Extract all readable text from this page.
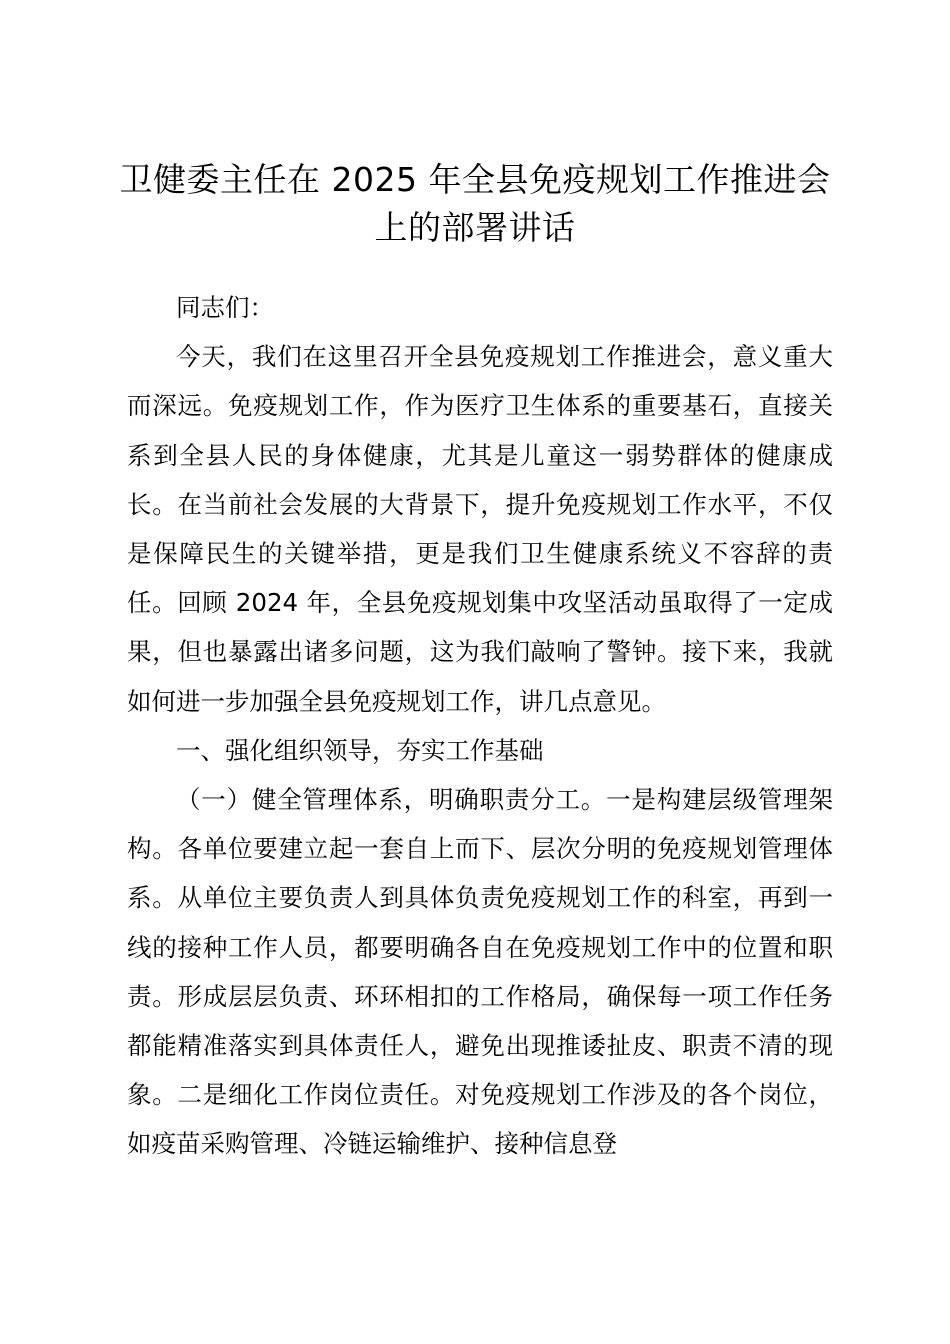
卫健委主任在 2025 年全县免疫规划工作推进会上的部署讲话

同志们：

今天，我们在这里召开全县免疫规划工作推进会，意义重大而深远。免疫规划工作，作为医疗卫生体系的重要基石，直接关系到全县人民的身体健康，尤其是儿童这一弱势群体的健康成长。在当前社会发展的大背景下，提升免疫规划工作水平，不仅是保障民生的关键举措，更是我们卫生健康系统义不容辞的责任。回顾 2024 年，全县免疫规划集中攻坚活动虽取得了一定成果，但也暴露出诸多问题，这为我们敲响了警钟。接下来，我就如何进一步加强全县免疫规划工作，讲几点意见。

一、强化组织领导，夯实工作基础

（一）健全管理体系，明确职责分工。一是构建层级管理架构。各单位要建立起一套自上而下、层次分明的免疫规划管理体系。从单位主要负责人到具体负责免疫规划工作的科室，再到一线的接种工作人员，都要明确各自在免疫规划工作中的位置和职责。形成层层负责、环环相扣的工作格局，确保每一项工作任务都能精准落实到具体责任人，避免出现推诿扯皮、职责不清的现象。二是细化工作岗位责任。对免疫规划工作涉及的各个岗位，如疫苗采购管理、冷链运输维护、接种信息登
